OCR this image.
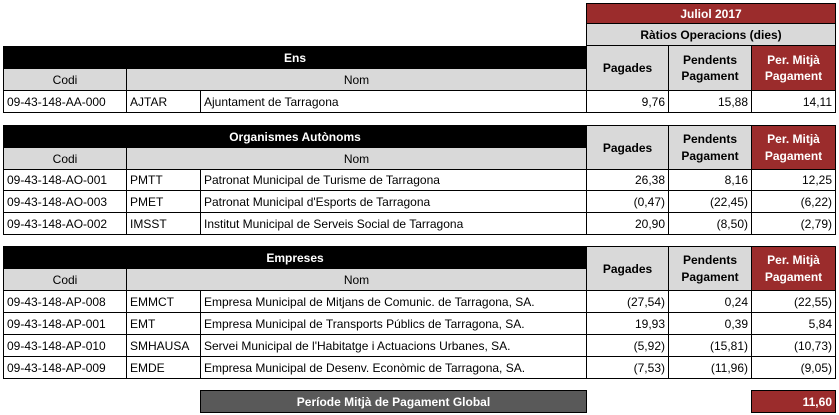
Juliol 2017
Ràtios Operacions (dies)
Ens
Codi	Nom
Pagades
Pendents Pagament
Per. Mitjà Pagament
09-43-148-AA-000	AJTAR	Ajuntament de Tarragona	9,76	15,88	14,11
Organismes Autònoms
Codi	Nom
Pagades
Pendents Pagament
Per. Mitjà Pagament
09-43-148-AO-001	PMTT	Patronat Municipal de Turisme de Tarragona	26,38	8,16	12,25
09-43-148-AO-003	PMET	Patronat Municipal d'Esports de Tarragona	(0,47)	(22,45)	(6,22)
09-43-148-AO-002	IMSST	Institut Municipal de Serveis Social de Tarragona	20,90	(8,50)	(2,79)
Empreses
Codi	Nom
Pagades
Pendents Pagament
Per. Mitjà Pagament
09-43-148-AP-008	EMMCT	Empresa Municipal de Mitjans de Comunic. de Tarragona, SA.	(27,54)	0,24	(22,55)
09-43-148-AP-001	EMT	Empresa Municipal de Transports Públics de Tarragona, SA.	19,93	0,39	5,84
09-43-148-AP-010	SMHAUSA	Servei Municipal de l'Habitatge i Actuacions Urbanes, SA.	(5,92)	(15,81)	(10,73)
09-43-148-AP-009	EMDE	Empresa Municipal de Desenv. Econòmic de Tarragona, SA.	(7,53)	(11,96)	(9,05)
Període Mitjà de Pagament Global	11,60
